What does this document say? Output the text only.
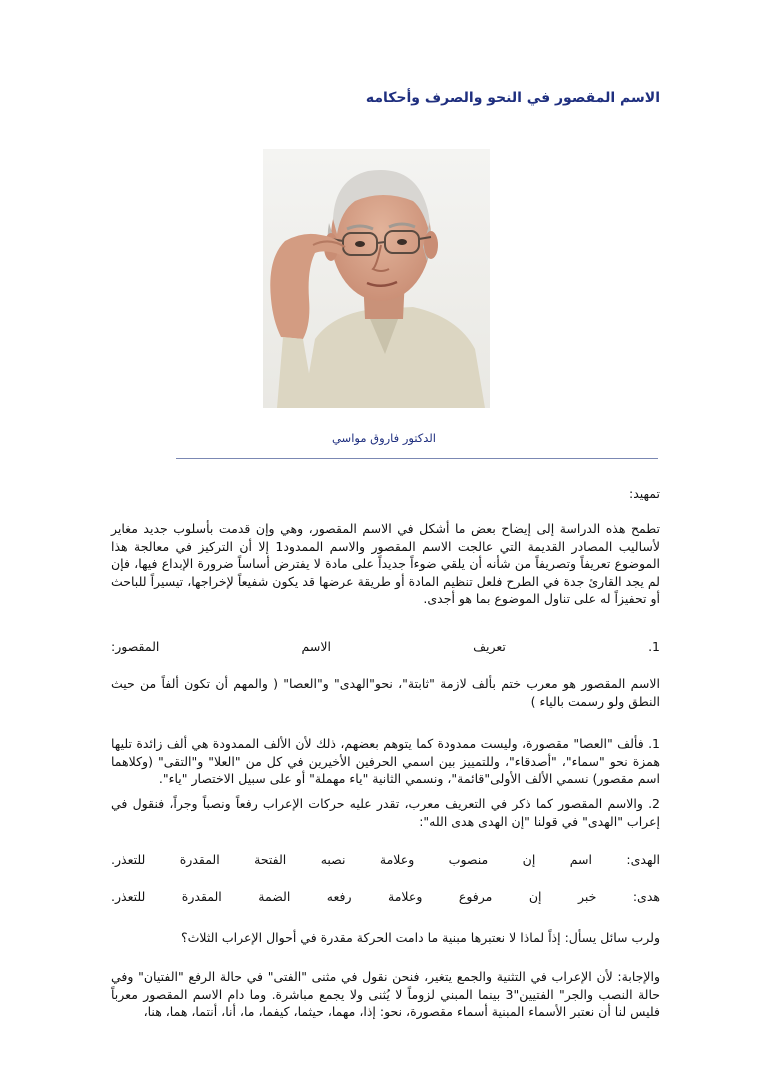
الاسم المقصور في النحو والصرف وأحكامه
الدكتور فاروق مواسي
تمهيد:
تطمح هذه الدراسة إلى إيضاح بعض ما أشكل في الاسم المقصور، وهي وإن قدمت بأسلوب جديد مغاير لأساليب المصادر القديمة التي عالجت الاسم المقصور والاسم الممدود1 إلا أن التركيز في معالجة هذا الموضوع تعريفاً وتصريفاً من شأنه أن يلقي ضوءاً جديداً على مادة لا يفترض أساساً ضرورة الإبداع فيها، فإن لم يجد القارئ جدة في الطرح فلعل تنظيم المادة أو طريقة عرضها قد يكون شفيعاً لإخراجها، تيسيراً للباحث أو تحفيزاً له على تناول الموضوع بما هو أجدى.
1. تعريف الاسم المقصور:
الاسم المقصور هو معرب ختم بألف لازمة "ثابتة"، نحو"الهدى" و"العصا" ( والمهم أن تكون ألفاً من حيث النطق ولو رسمت بالياء )
1. فألف "العصا" مقصورة، وليست ممدودة كما يتوهم بعضهم، ذلك لأن الألف الممدودة هي ألف زائدة تليها همزة نحو "سماء"، "أصدقاء"، وللتمييز بين اسمي الحرفين الأخيرين في كل من "العلا" و"التقى" (وكلاهما اسم مقصور) نسمي الألف الأولى"قائمة"، ونسمي الثانية "ياء مهملة" أو على سبيل الاختصار "ياء".
2. والاسم المقصور كما ذكر في التعريف معرب، تقدر عليه حركات الإعراب رفعاً ونصباً وجراً، فنقول في إعراب "الهدى" في قولنا "إن الهدى هدى الله":
الهدى: اسم إن منصوب وعلامة نصبه الفتحة المقدرة للتعذر.
هدى: خبر إن مرفوع وعلامة رفعه الضمة المقدرة للتعذر.
ولرب سائل يسأل: إذاً لماذا لا نعتبرها مبنية ما دامت الحركة مقدرة في أحوال الإعراب الثلاث؟
والإجابة: لأن الإعراب في التثنية والجمع يتغير، فنحن نقول في مثنى "الفتى" في حالة الرفع "الفتيان" وفي حالة النصب والجر" الفتيين"3 بينما المبني لزوماً لا يُثنى ولا يجمع مباشرة. وما دام الاسم المقصور معرباً فليس لنا أن نعتبر الأسماء المبنية أسماء مقصورة، نحو: إذا، مهما، حيثما، كيفما، ما، أنا، أنتما، هما، هنا،
